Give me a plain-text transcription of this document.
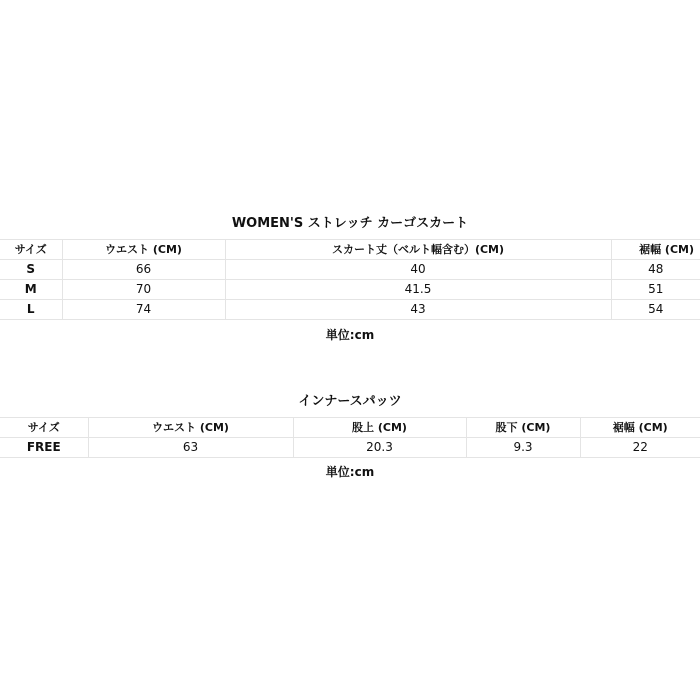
WOMEN'S ストレッチ カーゴスカート
サイズ	ウエスト (CM)	スカート丈（ベルト幅含む）(CM)	裾幅 (CM)
S	66	40	48
M	70	41.5	51
L	74	43	54
単位:cm
インナースパッツ
サイズ	ウエスト (CM)	股上 (CM)	股下 (CM)	裾幅 (CM)
FREE	63	20.3	9.3	22
単位:cm
